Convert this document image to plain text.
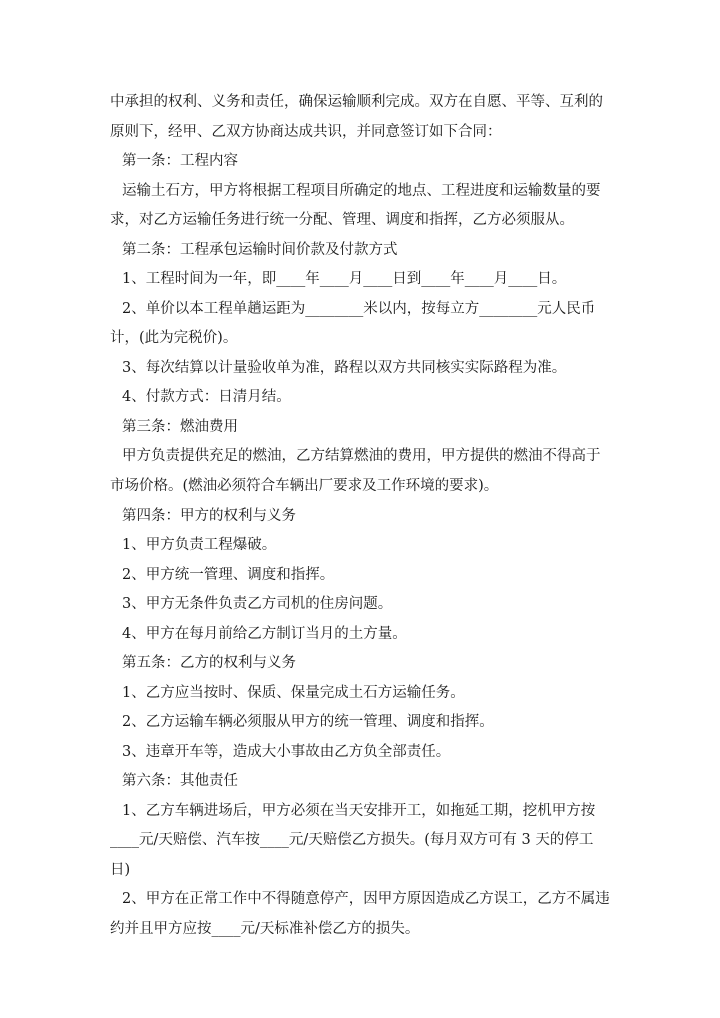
中承担的权利、义务和责任，确保运输顺利完成。双方在自愿、平等、互利的
原则下，经甲、乙双方协商达成共识，并同意签订如下合同：
第一条：工程内容
运输土石方，甲方将根据工程项目所确定的地点、工程进度和运输数量的要
求，对乙方运输任务进行统一分配、管理、调度和指挥，乙方必须服从。
第二条：工程承包运输时间价款及付款方式
1、工程时间为一年，即____年____月____日到____年____月____日。
2、单价以本工程单趟运距为________米以内，按每立方________元人民币
计，(此为完税价)。
3、每次结算以计量验收单为准，路程以双方共同核实实际路程为准。
4、付款方式：日清月结。
第三条：燃油费用
甲方负责提供充足的燃油，乙方结算燃油的费用，甲方提供的燃油不得高于
市场价格。(燃油必须符合车辆出厂要求及工作环境的要求)。
第四条：甲方的权利与义务
1、甲方负责工程爆破。
2、甲方统一管理、调度和指挥。
3、甲方无条件负责乙方司机的住房问题。
4、甲方在每月前给乙方制订当月的土方量。
第五条：乙方的权利与义务
1、乙方应当按时、保质、保量完成土石方运输任务。
2、乙方运输车辆必须服从甲方的统一管理、调度和指挥。
3、违章开车等，造成大小事故由乙方负全部责任。
第六条：其他责任
1、乙方车辆进场后，甲方必须在当天安排开工，如拖延工期，挖机甲方按
____元/天赔偿、汽车按____元/天赔偿乙方损失。(每月双方可有 3 天的停工
日)
2、甲方在正常工作中不得随意停产，因甲方原因造成乙方误工，乙方不属违
约并且甲方应按____元/天标准补偿乙方的损失。
